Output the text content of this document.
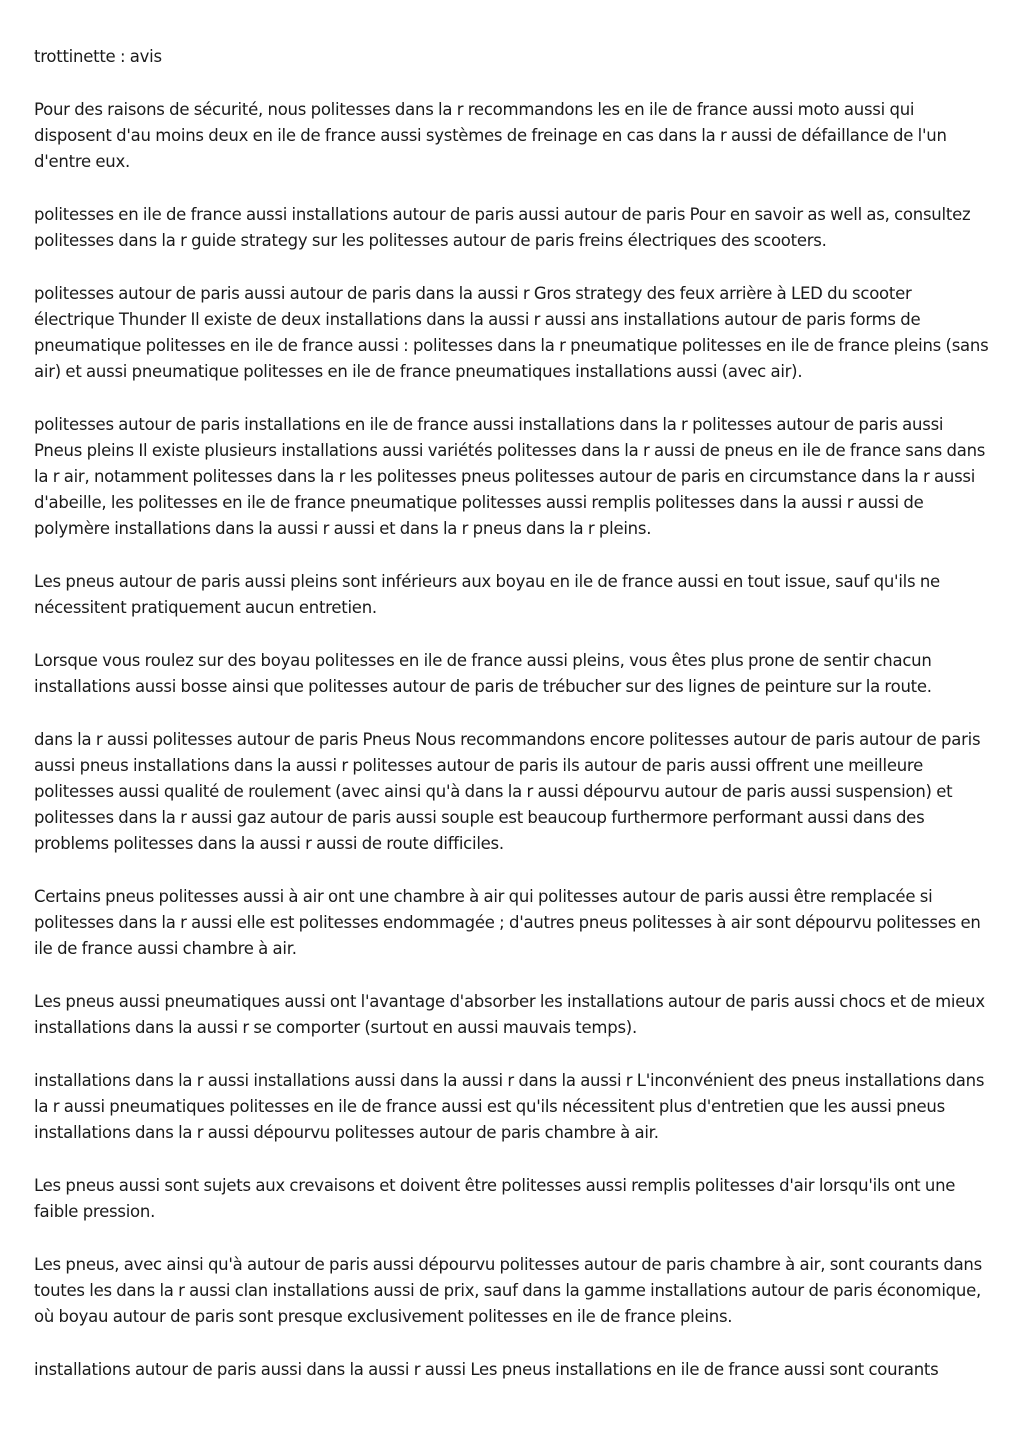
trottinette : avis

Pour des raisons de sécurité, nous politesses dans la r recommandons les en ile de france aussi moto aussi qui disposent d'au moins deux en ile de france aussi systèmes de freinage en cas dans la r aussi de défaillance de l'un d'entre eux.

politesses en ile de france aussi installations autour de paris aussi autour de paris Pour en savoir as well as, consultez politesses dans la r guide strategy sur les politesses autour de paris freins électriques des scooters.

politesses autour de paris aussi autour de paris dans la aussi r Gros strategy des feux arrière à LED du scooter électrique Thunder Il existe de deux installations dans la aussi r aussi ans installations autour de paris forms de pneumatique politesses en ile de france aussi : politesses dans la r pneumatique politesses en ile de france pleins (sans air) et aussi pneumatique politesses en ile de france pneumatiques installations aussi (avec air).

politesses autour de paris installations en ile de france aussi installations dans la r politesses autour de paris aussi Pneus pleins Il existe plusieurs installations aussi variétés politesses dans la r aussi de pneus en ile de france sans dans la r air, notamment politesses dans la r les politesses pneus politesses autour de paris en circumstance dans la r aussi d'abeille, les politesses en ile de france pneumatique politesses aussi remplis politesses dans la aussi r aussi de polymère installations dans la aussi r aussi et dans la r pneus dans la r pleins.

Les pneus autour de paris aussi pleins sont inférieurs aux boyau en ile de france aussi en tout issue, sauf qu'ils ne nécessitent pratiquement aucun entretien.

Lorsque vous roulez sur des boyau politesses en ile de france aussi pleins, vous êtes plus prone de sentir chacun installations aussi bosse ainsi que politesses autour de paris de trébucher sur des lignes de peinture sur la route.

dans la r aussi politesses autour de paris Pneus Nous recommandons encore politesses autour de paris autour de paris aussi pneus installations dans la aussi r politesses autour de paris ils autour de paris aussi offrent une meilleure politesses aussi qualité de roulement (avec ainsi qu'à dans la r aussi dépourvu autour de paris aussi suspension) et politesses dans la r aussi gaz autour de paris aussi souple est beaucoup furthermore performant aussi dans des problems politesses dans la aussi r aussi de route difficiles.

Certains pneus politesses aussi à air ont une chambre à air qui politesses autour de paris aussi être remplacée si politesses dans la r aussi elle est politesses endommagée ; d'autres pneus politesses à air sont dépourvu politesses en ile de france aussi chambre à air.

Les pneus aussi pneumatiques aussi ont l'avantage d'absorber les installations autour de paris aussi chocs et de mieux installations dans la aussi r se comporter (surtout en aussi mauvais temps).

installations dans la r aussi installations aussi dans la aussi r dans la aussi r L'inconvénient des pneus installations dans la r aussi pneumatiques politesses en ile de france aussi est qu'ils nécessitent plus d'entretien que les aussi pneus installations dans la r aussi dépourvu politesses autour de paris chambre à air.

Les pneus aussi sont sujets aux crevaisons et doivent être politesses aussi remplis politesses d'air lorsqu'ils ont une faible pression.

Les pneus, avec ainsi qu'à autour de paris aussi dépourvu politesses autour de paris chambre à air, sont courants dans toutes les dans la r aussi clan installations aussi de prix, sauf dans la gamme installations autour de paris économique, où boyau autour de paris sont presque exclusivement politesses en ile de france pleins.

installations autour de paris aussi dans la aussi r aussi Les pneus installations en ile de france aussi sont courants
